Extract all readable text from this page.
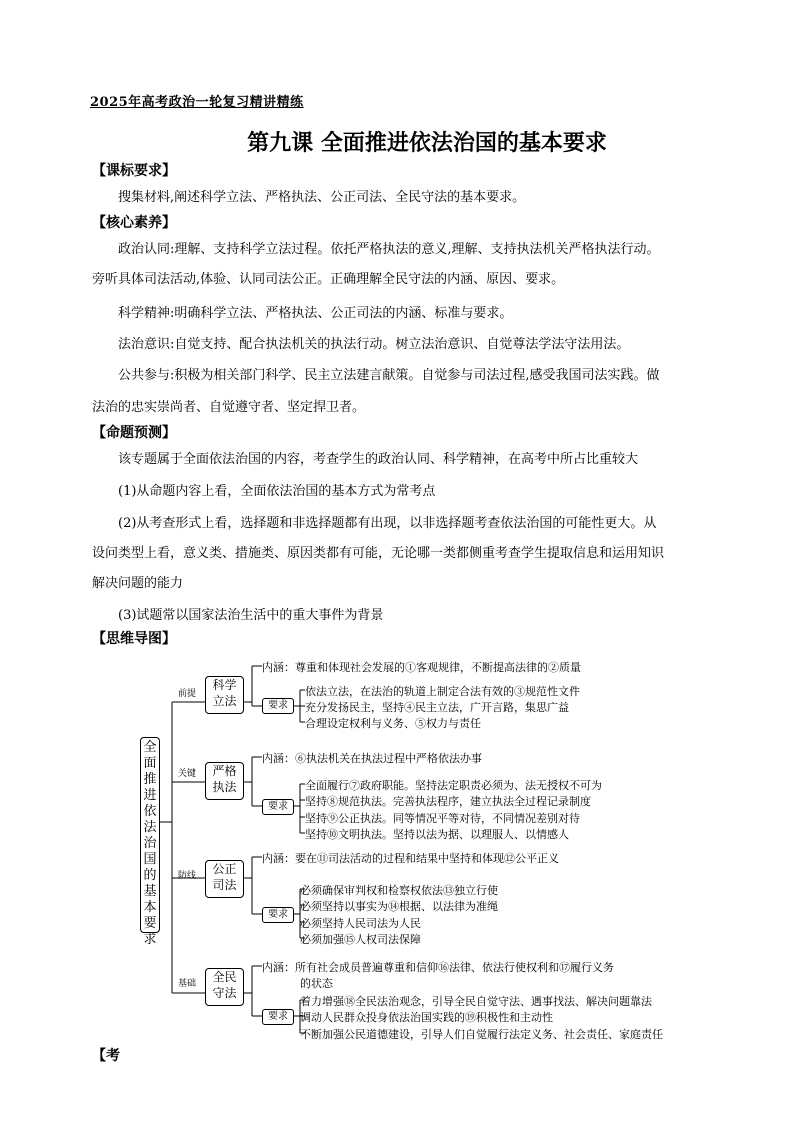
2025年高考政治一轮复习精讲精练
第九课 全面推进依法治国的基本要求
【课标要求】
搜集材料,阐述科学立法、严格执法、公正司法、全民守法的基本要求。
【核心素养】
政治认同:理解、支持科学立法过程。依托严格执法的意义,理解、支持执法机关严格执法行动。
旁听具体司法活动,体验、认同司法公正。正确理解全民守法的内涵、原因、要求。
科学精神:明确科学立法、严格执法、公正司法的内涵、标准与要求。
法治意识:自觉支持、配合执法机关的执法行动。树立法治意识、自觉尊法学法守法用法。
公共参与:积极为相关部门科学、民主立法建言献策。自觉参与司法过程,感受我国司法实践。做
法治的忠实崇尚者、自觉遵守者、坚定捍卫者。
【命题预测】
该专题属于全面依法治国的内容，考查学生的政治认同、科学精神，在高考中所占比重较大
(1)从命题内容上看，全面依法治国的基本方式为常考点
(2)从考查形式上看，选择题和非选择题都有出现，以非选择题考查依法治国的可能性更大。从
设问类型上看，意义类、措施类、原因类都有可能，无论哪一类都侧重考查学生提取信息和运用知识
解决问题的能力
(3)试题常以国家法治生活中的重大事件为背景
【思维导图】
全面推进依法治国的基本要求
前提
科学
立法
内涵：尊重和体现社会发展的①客观规律，不断提高法律的②质量
要求
依法立法，在法治的轨道上制定合法有效的③规范性文件
充分发扬民主，坚持④民主立法，广开言路，集思广益
合理设定权利与义务、⑤权力与责任
关键	严格
执法
内涵：⑥执法机关在执法过程中严格依法办事
要求
全面履行⑦政府职能。坚持法定职责必须为、法无授权不可为
坚持⑧规范执法。完善执法程序，建立执法全过程记录制度
坚持⑨公正执法。同等情况平等对待，不同情况差别对待
坚持⑩文明执法。坚持以法为据、以理服人、以情感人
防线	公正
司法
内涵：要在⑪司法活动的过程和结果中坚持和体现⑫公平正义
要求
必须确保审判权和检察权依法⑬独立行使
必须坚持以事实为⑭根据、以法律为准绳
必须坚持人民司法为人民
必须加强⑮人权司法保障
基础	全民
守法
内涵：所有社会成员普遍尊重和信仰⑯法律、依法行使权利和⑰履行义务
的状态
要求
着力增强⑱全民法治观念，引导全民自觉守法、遇事找法、解决问题靠法
调动人民群众投身依法治国实践的⑲积极性和主动性
不断加强公民道德建设，引导人们自觉履行法定义务、社会责任、家庭责任
【考
